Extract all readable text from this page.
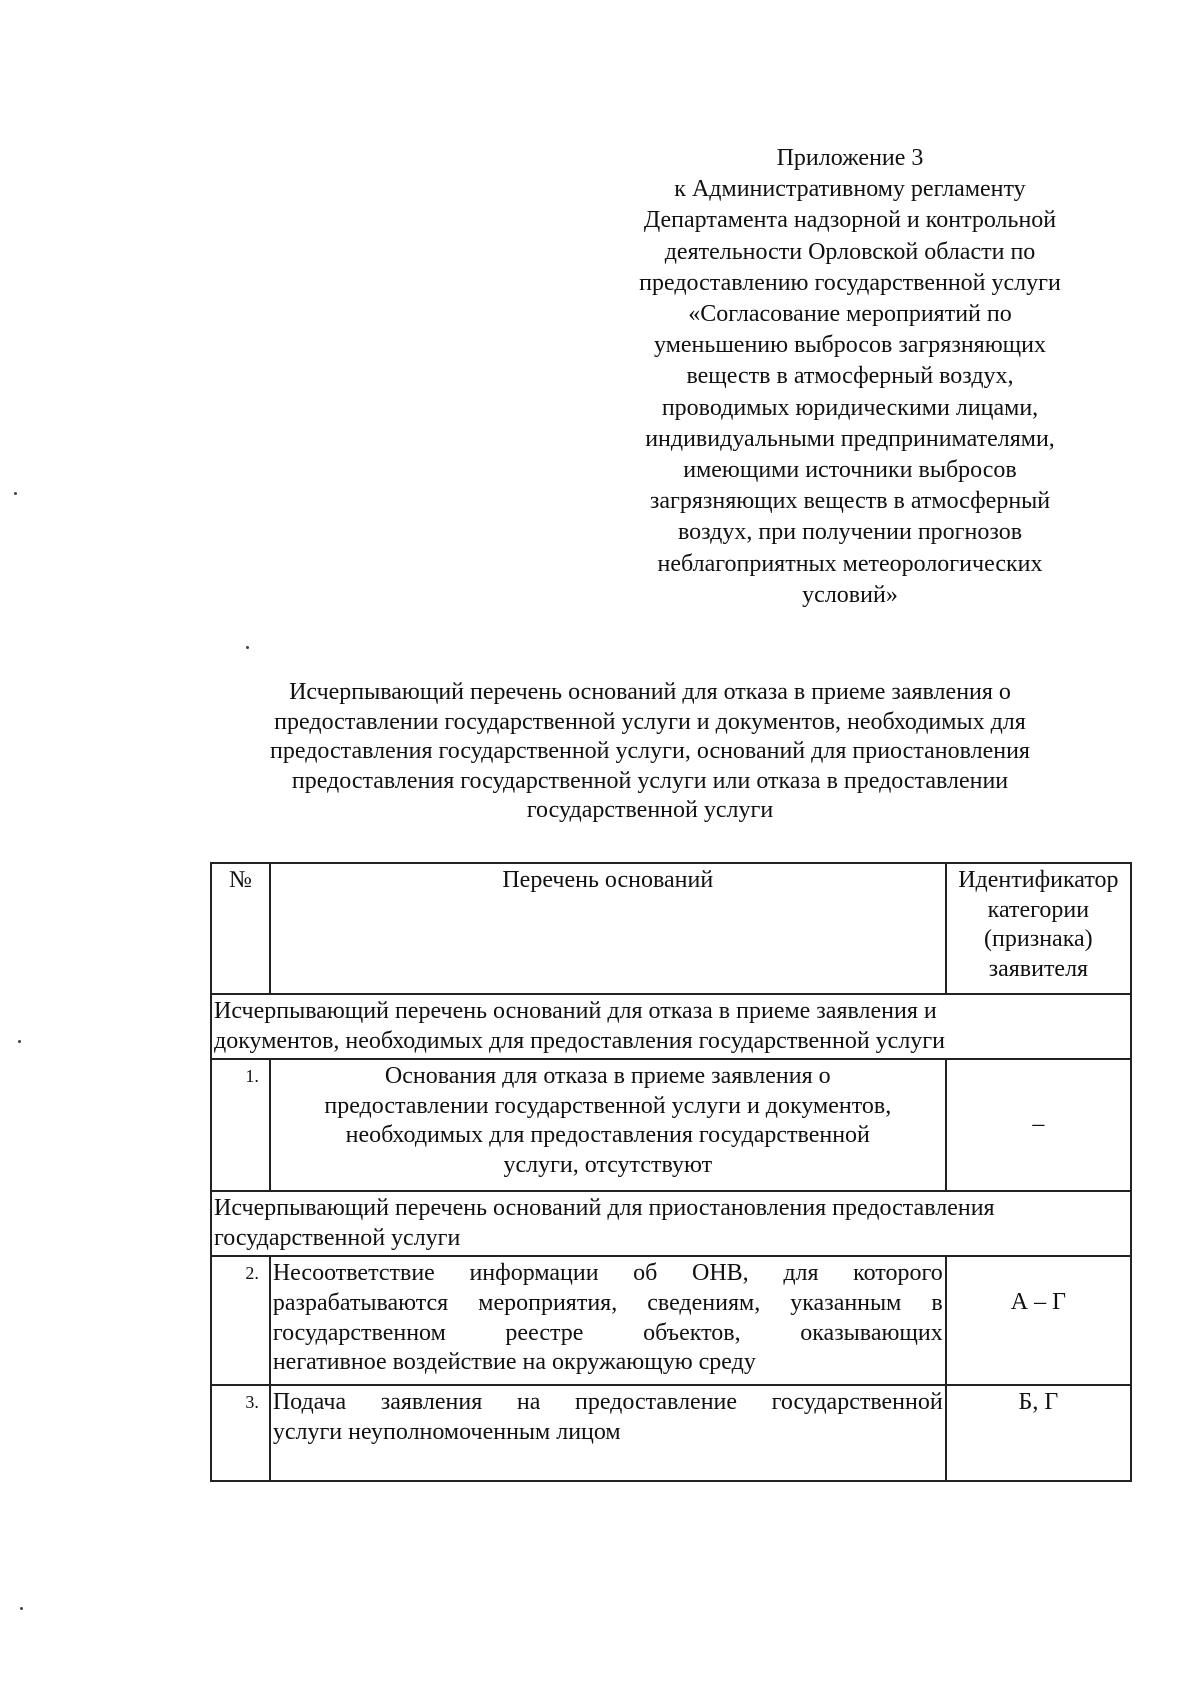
Приложение 3
к Административному регламенту
Департамента надзорной и контрольной
деятельности Орловской области по
предоставлению государственной услуги
«Согласование мероприятий по
уменьшению выбросов загрязняющих
веществ в атмосферный воздух,
проводимых юридическими лицами,
индивидуальными предпринимателями,
имеющими источники выбросов
загрязняющих веществ в атмосферный
воздух, при получении прогнозов
неблагоприятных метеорологических
условий»
Исчерпывающий перечень оснований для отказа в приеме заявления о
предоставлении государственной услуги и документов, необходимых для
предоставления государственной услуги, оснований для приостановления
предоставления государственной услуги или отказа в предоставлении
государственной услуги
№	Перечень оснований	Идентификатор
категории
(признака)
заявителя

Исчерпывающий перечень оснований для отказа в приеме заявления и
документов, необходимых для предоставления государственной услуги		

1.	Основания для отказа в приеме заявления о
предоставлении государственной услуги и документов,
необходимых для предоставления государственной
услуги, отсутствуют	–

Исчерпывающий перечень оснований для приостановления предоставления
государственной услуги		

2.	Несоответствие информации об ОНВ, для которого
разрабатываются мероприятия, сведениям, указанным в
государственном реестре объектов, оказывающих
негативное воздействие на окружающую среду	А – Г

3.	Подача заявления на предоставление государственной
услуги неуполномоченным лицом	Б, Г
